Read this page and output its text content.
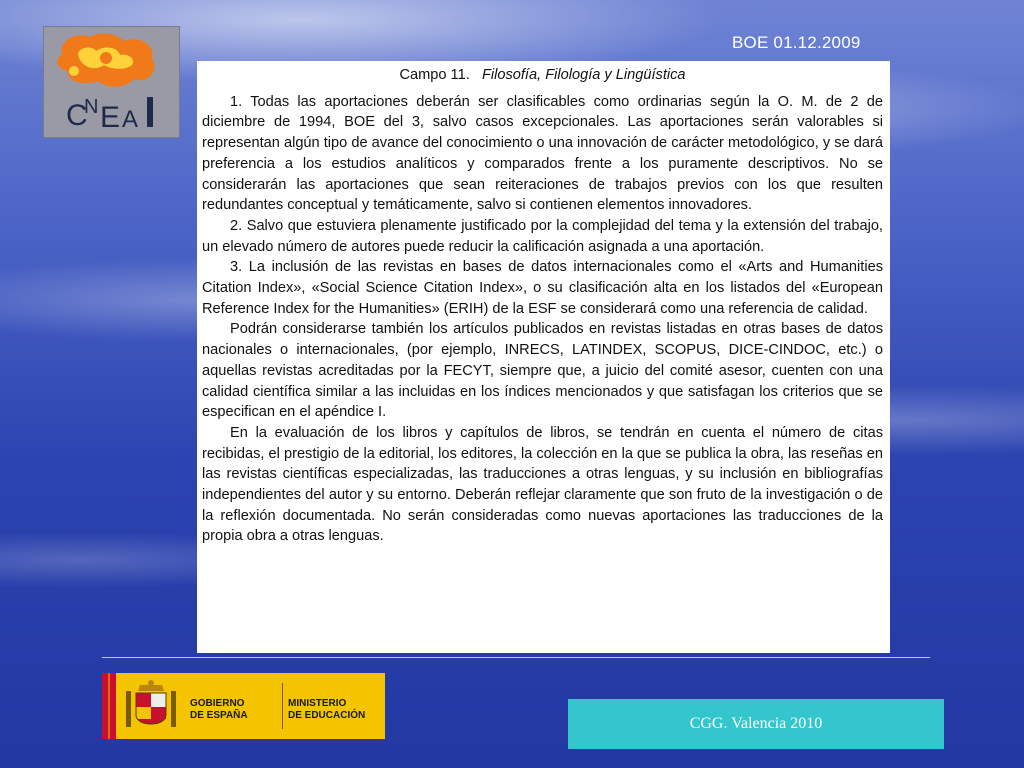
C
N E A
BOE 01.12.2009
Campo 11. Filosofía, Filología y Lingüística

1. Todas las aportaciones deberán ser clasificables como ordinarias según la O. M. de 2 de diciembre de 1994, BOE del 3, salvo casos excepcionales. Las aportaciones serán valorables si representan algún tipo de avance del conocimiento o una innovación de carácter metodológico, y se dará preferencia a los estudios analíticos y comparados frente a los puramente descriptivos. No se considerarán las aportaciones que sean reiteraciones de trabajos previos con los que resulten redundantes conceptual y temáticamente, salvo si contienen elementos innovadores.

2. Salvo que estuviera plenamente justificado por la complejidad del tema y la extensión del trabajo, un elevado número de autores puede reducir la calificación asignada a una aportación.

3. La inclusión de las revistas en bases de datos internacionales como el «Arts and Humanities Citation Index», «Social Science Citation Index», o su clasificación alta en los listados del «European Reference Index for the Humanities» (ERIH) de la ESF se considerará como una referencia de calidad.

Podrán considerarse también los artículos publicados en revistas listadas en otras bases de datos nacionales o internacionales, (por ejemplo, INRECS, LATINDEX, SCOPUS, DICE-CINDOC, etc.) o aquellas revistas acreditadas por la FECYT, siempre que, a juicio del comité asesor, cuenten con una calidad científica similar a las incluidas en los índices mencionados y que satisfagan los criterios que se especifican en el apéndice I.

En la evaluación de los libros y capítulos de libros, se tendrán en cuenta el número de citas recibidas, el prestigio de la editorial, los editores, la colección en la que se publica la obra, las reseñas en las revistas científicas especializadas, las traducciones a otras lenguas, y su inclusión en bibliografías independientes del autor y su entorno. Deberán reflejar claramente que son fruto de la investigación o de la reflexión documentada. No serán consideradas como nuevas aportaciones las traducciones de la propia obra a otras lenguas.

GOBIERNO
DE ESPAÑA
MINISTERIO
DE EDUCACIÓN	CGG. Valencia 2010
